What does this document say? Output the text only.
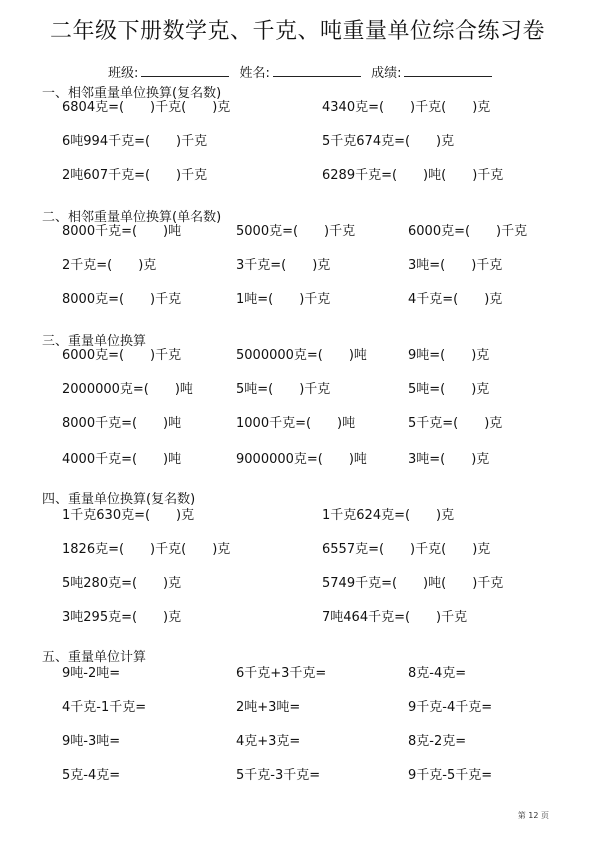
二年级下册数学克、千克、吨重量单位综合练习卷
班级:	姓名:	成绩:
一、相邻重量单位换算(复名数)
6804克=(　　)千克(　　)克	4340克=(　　)千克(　　)克
6吨994千克=(　　)千克	5千克674克=(　　)克
2吨607千克=(　　)千克	6289千克=(　　)吨(　　)千克
二、相邻重量单位换算(单名数)
8000千克=(　　)吨	5000克=(　　)千克	6000克=(　　)千克
2千克=(　　)克	3千克=(　　)克	3吨=(　　)千克
8000克=(　　)千克	1吨=(　　)千克	4千克=(　　)克
三、重量单位换算
6000克=(　　)千克	5000000克=(　　)吨	9吨=(　　)克
2000000克=(　　)吨	5吨=(　　)千克	5吨=(　　)克
8000千克=(　　)吨	1000千克=(　　)吨	5千克=(　　)克
4000千克=(　　)吨	9000000克=(　　)吨	3吨=(　　)克
四、重量单位换算(复名数)
1千克630克=(　　)克	1千克624克=(　　)克
1826克=(　　)千克(　　)克	6557克=(　　)千克(　　)克
5吨280克=(　　)克	5749千克=(　　)吨(　　)千克
3吨295克=(　　)克	7吨464千克=(　　)千克
五、重量单位计算
9吨-2吨=	6千克+3千克=	8克-4克=
4千克-1千克=	2吨+3吨=	9千克-4千克=
9吨-3吨=	4克+3克=	8克-2克=
5克-4克=	5千克-3千克=	9千克-5千克=
第 12 页
